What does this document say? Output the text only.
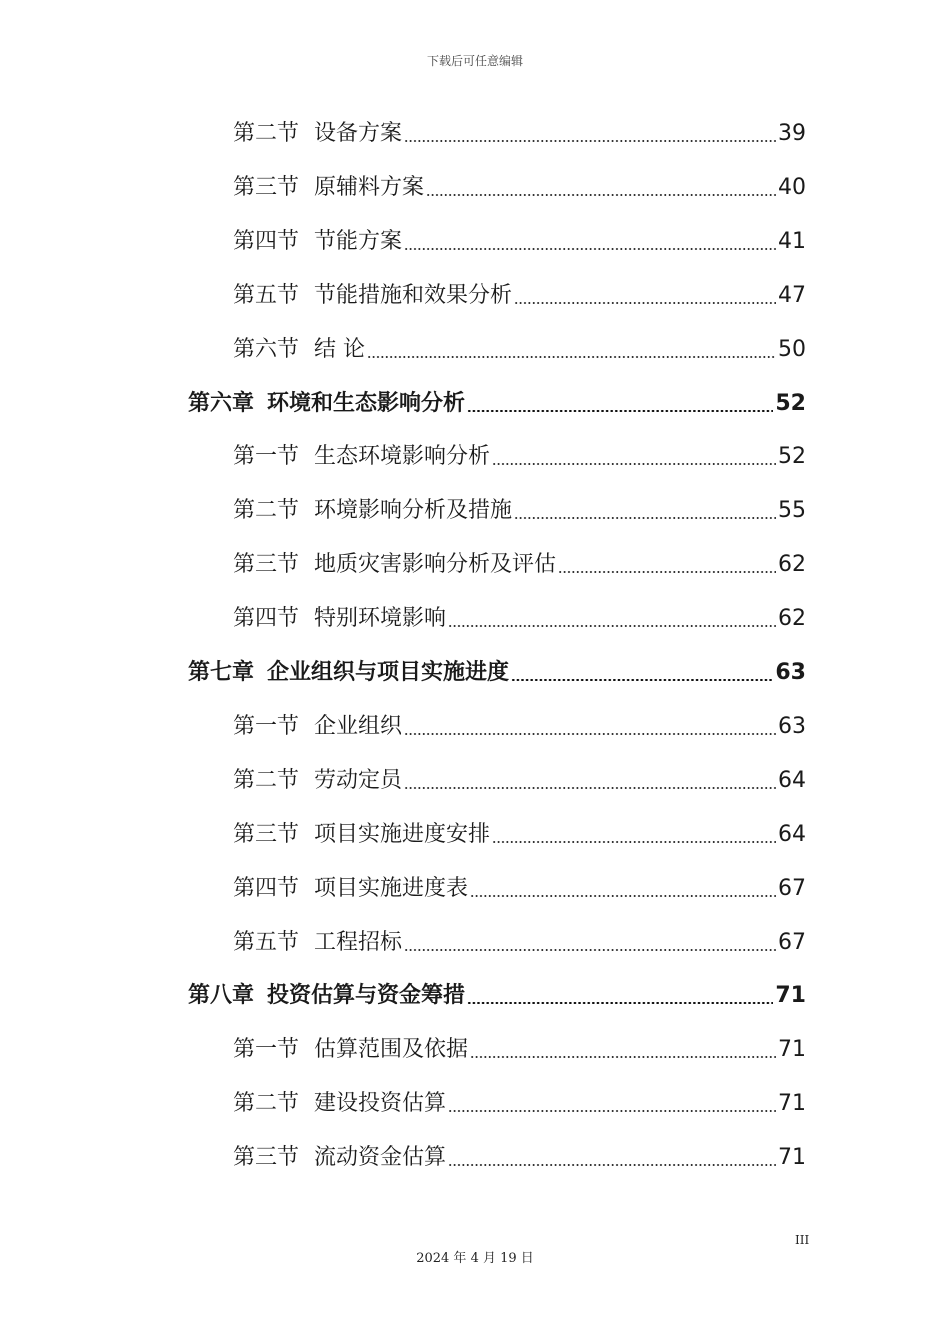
下载后可任意编辑
第二节 设备方案	39
第三节 原辅料方案	40
第四节 节能方案	41
第五节 节能措施和效果分析	47
第六节 结 论	50
第六章 环境和生态影响分析	52
第一节 生态环境影响分析	52
第二节 环境影响分析及措施	55
第三节 地质灾害影响分析及评估	62
第四节 特别环境影响	62
第七章 企业组织与项目实施进度	63
第一节 企业组织	63
第二节 劳动定员	64
第三节 项目实施进度安排	64
第四节 项目实施进度表	67
第五节 工程招标	67
第八章 投资估算与资金筹措	71
第一节 估算范围及依据	71
第二节 建设投资估算	71
第三节 流动资金估算	71
III
2024 年 4 月 19 日
